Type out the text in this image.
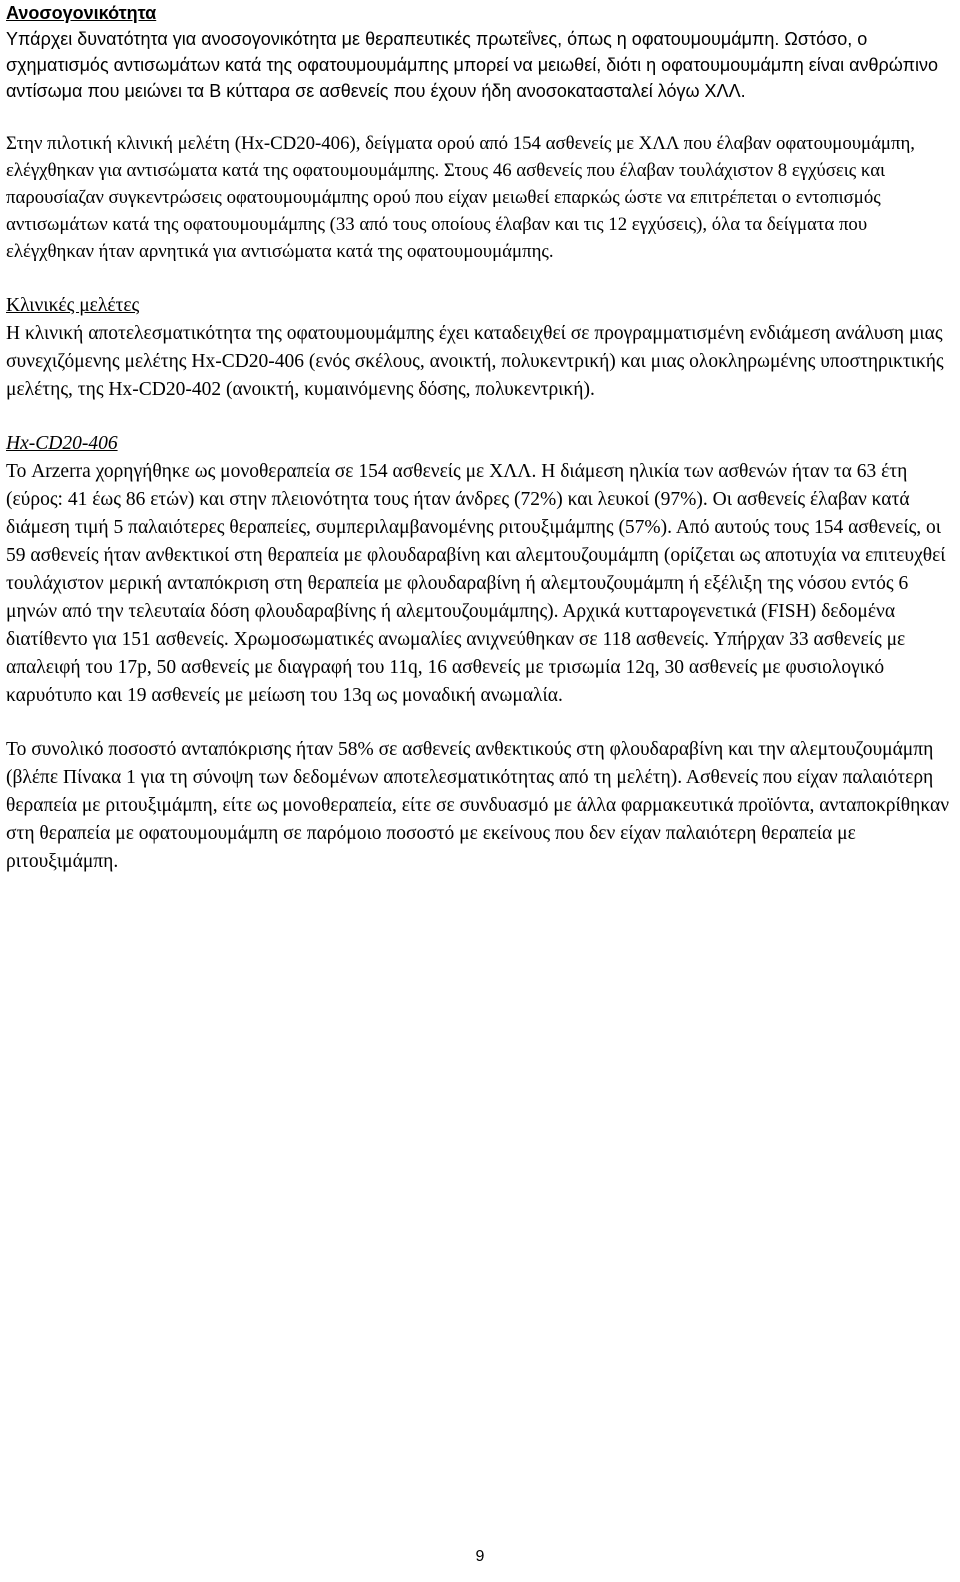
Ανοσογονικότητα

Υπάρχει δυνατότητα για ανοσογονικότητα με θεραπευτικές πρωτεΐνες, όπως η οφατουμουμάμπη. Ωστόσο, ο σχηματισμός αντισωμάτων κατά της οφατουμουμάμπης μπορεί να μειωθεί, διότι η οφατουμουμάμπη είναι ανθρώπινο αντίσωμα που μειώνει τα Β κύτταρα σε ασθενείς που έχουν ήδη ανοσοκατασταλεί λόγω ΧΛΛ.

Στην πιλοτική κλινική μελέτη (Hx-CD20-406), δείγματα ορού από 154 ασθενείς με ΧΛΛ που έλαβαν οφατουμουμάμπη, ελέγχθηκαν για αντισώματα κατά της οφατουμουμάμπης. Στους 46 ασθενείς που έλαβαν τουλάχιστον 8 εγχύσεις και παρουσίαζαν συγκεντρώσεις οφατουμουμάμπης ορού που είχαν μειωθεί επαρκώς ώστε να επιτρέπεται ο εντοπισμός αντισωμάτων κατά της οφατουμουμάμπης (33 από τους οποίους έλαβαν και τις 12 εγχύσεις), όλα τα δείγματα που ελέγχθηκαν ήταν αρνητικά για αντισώματα κατά της οφατουμουμάμπης.

Κλινικές μελέτες

Η κλινική αποτελεσματικότητα της οφατουμουμάμπης έχει καταδειχθεί σε προγραμματισμένη ενδιάμεση ανάλυση μιας συνεχιζόμενης μελέτης Hx-CD20-406 (ενός σκέλους, ανοικτή, πολυκεντρική) και μιας ολοκληρωμένης υποστηρικτικής μελέτης, της Hx-CD20-402 (ανοικτή, κυμαινόμενης δόσης, πολυκεντρική).

Hx-CD20-406

Το Arzerra χορηγήθηκε ως μονοθεραπεία σε 154 ασθενείς με ΧΛΛ. Η διάμεση ηλικία των ασθενών ήταν τα 63 έτη (εύρος: 41 έως 86 ετών) και στην πλειονότητα τους ήταν άνδρες (72%) και λευκοί (97%). Οι ασθενείς έλαβαν κατά διάμεση τιμή 5 παλαιότερες θεραπείες, συμπεριλαμβανομένης ριτουξιμάμπης (57%). Από αυτούς τους 154 ασθενείς, οι 59 ασθενείς ήταν ανθεκτικοί στη θεραπεία με φλουδαραβίνη και αλεμτουζουμάμπη (ορίζεται ως αποτυχία να επιτευχθεί τουλάχιστον μερική ανταπόκριση στη θεραπεία με φλουδαραβίνη ή αλεμτουζουμάμπη ή εξέλιξη της νόσου εντός 6 μηνών από την τελευταία δόση φλουδαραβίνης ή αλεμτουζουμάμπης). Αρχικά κυτταρογενετικά (FISH) δεδομένα διατίθεντο για 151 ασθενείς. Χρωμοσωματικές ανωμαλίες ανιχνεύθηκαν σε 118 ασθενείς. Υπήρχαν 33 ασθενείς με απαλειφή του 17p, 50 ασθενείς με διαγραφή του 11q, 16 ασθενείς με τρισωμία 12q, 30 ασθενείς με φυσιολογικό καρυότυπο και 19 ασθενείς με μείωση του 13q ως μοναδική ανωμαλία.

Το συνολικό ποσοστό ανταπόκρισης ήταν 58% σε ασθενείς ανθεκτικούς στη φλουδαραβίνη και την αλεμτουζουμάμπη (βλέπε Πίνακα 1 για τη σύνοψη των δεδομένων αποτελεσματικότητας από τη μελέτη). Ασθενείς που είχαν παλαιότερη θεραπεία με ριτουξιμάμπη, είτε ως μονοθεραπεία, είτε σε συνδυασμό με άλλα φαρμακευτικά προϊόντα, ανταποκρίθηκαν στη θεραπεία με οφατουμουμάμπη σε παρόμοιο ποσοστό με εκείνους που δεν είχαν παλαιότερη θεραπεία με ριτουξιμάμπη.

9
